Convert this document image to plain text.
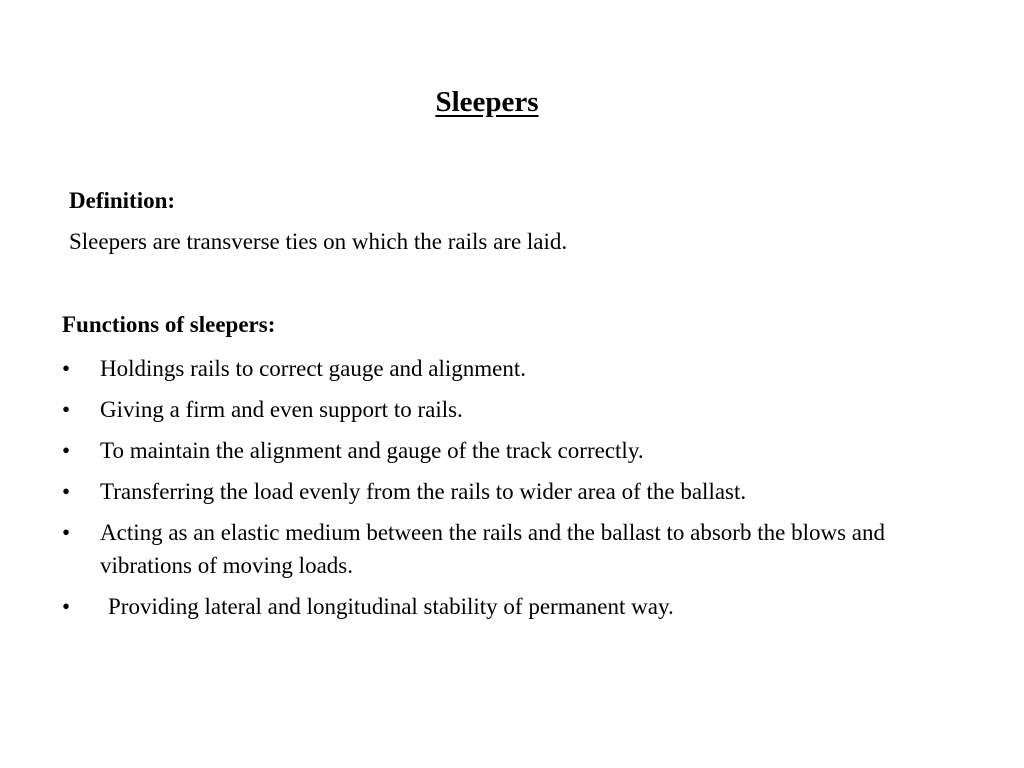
Sleepers

Definition:

Sleepers are transverse ties on which the rails are laid.

Functions of sleepers:

•	Holdings rails to correct gauge and alignment.
•	Giving a firm and even support to rails.
•	To maintain the alignment and gauge of the track correctly.
•	Transferring the load evenly from the rails to wider area of the ballast.
•	Acting as an elastic medium between the rails and the ballast to absorb the blows and vibrations of moving loads.
•	Providing lateral and longitudinal stability of permanent way.
